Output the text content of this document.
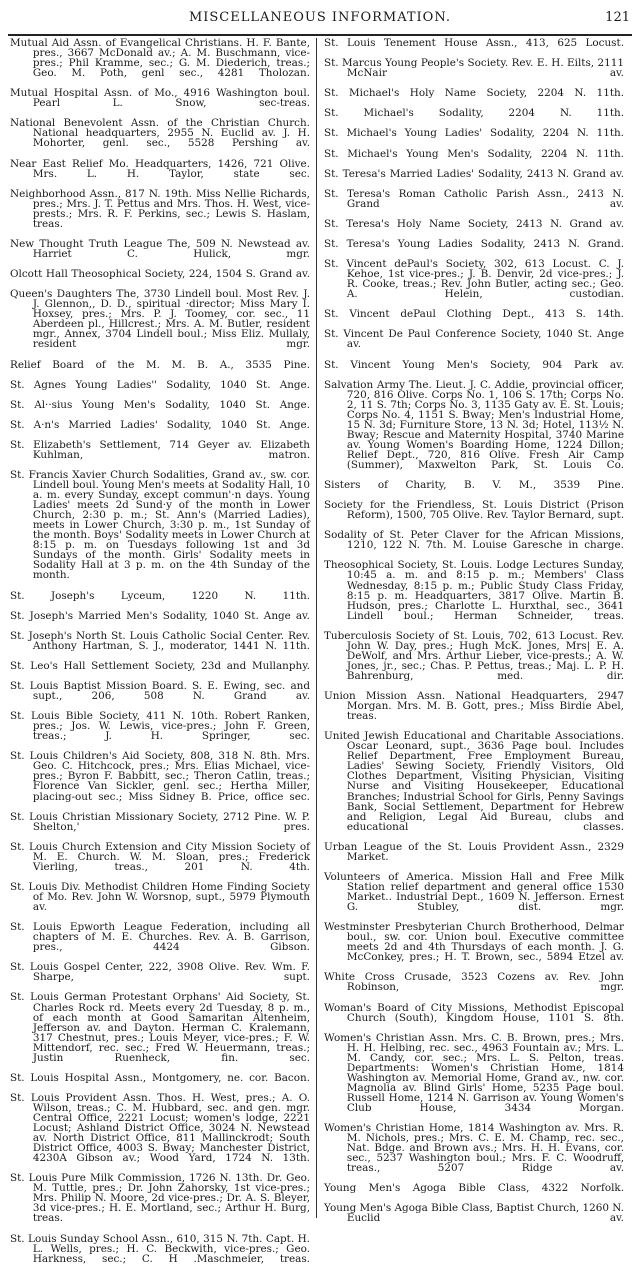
MISCELLANEOUS INFORMATION.	121

Mutual Aid Assn. of Evangelical Christians. H. F. Bante, pres., 3667 McDonald av.; A. M. Buschmann, vice-pres.; Phil Kramme, sec.; G. M. Diederich, treas.; Geo. M. Poth, genl sec., 4281 Tholozan.

Mutual Hospital Assn. of Mo., 4916 Washington boul. Pearl L. Snow, sec-treas.

National Benevolent Assn. of the Christian Church. National headquarters, 2955 N. Euclid av. J. H. Mohorter, genl. sec., 5528 Pershing av.

Near East Relief Mo. Headquarters, 1426, 721 Olive. Mrs. L. H. Taylor, state sec.

Neighborhood Assn., 817 N. 19th. Miss Nellie Richards, pres.; Mrs. J. T. Pettus and Mrs. Thos. H. West, vice-prests.; Mrs. R. F. Perkins, sec.; Lewis S. Haslam, treas.

New Thought Truth League The, 509 N. Newstead av. Harriet C. Hulick, mgr.

Olcott Hall Theosophical Society, 224, 1504 S. Grand av.

Queen's Daughters The, 3730 Lindell boul. Most Rev. J. J. Glennon,, D. D., spiritual ·director; Miss Mary I. Hoxsey, pres.; Mrs. P. J. Toomey, cor. sec., 11 Aberdeen pl., Hillcrest.; Mrs. A. M. Butler, resident mgr., Annex, 3704 Lindell boul.; Miss Eliz. Mullaly, resident mgr.

Relief Board of the M. M. B. A., 3535 Pine.

St. Agnes Young Ladies'' Sodality, 1040 St. Ange.

St. Al··sius Young Men's Sodality, 1040 St. Ange.

St. A·n's Married Ladies' Sodality, 1040 St. Ange.

St. Elizabeth's Settlement, 714 Geyer av. Elizabeth Kuhlman, matron.

St. Francis Xavier Church Sodalities, Grand av., sw. cor. Lindell boul. Young Men's meets at Sodality Hall, 10 a. m. every Sunday, except commun'·n days. Young Ladies' meets 2d Sund·y of the month in Lower Church, 2:30 p. m.; St. Ann's (Married Ladies), meets in Lower Church, 3:30 p. m., 1st Sunday of the month. Boys' Sodality meets in Lower Church at 8:15 p. m. on Tuesdays following 1st and 3d Sundays of the month. Girls' Sodality meets in Sodality Hall at 3 p. m. on the 4th Sunday of the month.

St. Joseph's Lyceum, 1220 N. 11th.

St. Joseph's Married Men's Sodality, 1040 St. Ange av.

St. Joseph's North St. Louis Catholic Social Center. Rev. Anthony Hartman, S. J., moderator, 1441 N. 11th.

St. Leo's Hall Settlement Society, 23d and Mullanphy.

St. Louis Baptist Mission Board. S. E. Ewing, sec. and supt., 206, 508 N. Grand av.

St. Louis Bible Society, 411 N. 10th. Robert Ranken, pres.; Jos. W. Lewis, vice-pres.; John F. Green, treas.; J. H. Springer, sec.

St. Louis Children's Aid Society, 808, 318 N. 8th. Mrs. Geo. C. Hitchcock, pres.; Mrs. Elias Michael, vice-pres.; Byron F. Babbitt, sec.; Theron Catlin, treas.; Florence Van Sickler, genl. sec.; Hertha Miller, placing-out sec.; Miss Sidney B. Price, office sec.

St. Louis Christian Missionary Society, 2712 Pine. W. P. Shelton,' pres.

St. Louis Church Extension and City Mission Society of M. E. Church. W. M. Sloan, pres.; Frederick Vierling, treas., 201 N. 4th.

St. Louis Div. Methodist Children Home Finding Society of Mo. Rev. John W. Worsnop, supt., 5979 Plymouth av.

St. Louis Epworth League Federation, including all chapters of M. E. Churches. Rev. A. B. Garrison, pres., 4424 Gibson.

St. Louis Gospel Center, 222, 3908 Olive. Rev. Wm. F. Sharpe, supt.

St. Louis German Protestant Orphans' Aid Society, St. Charles Rock rd. Meets every 2d Tuesday, 8 p. m., of each month at Good Samaritan Altenheim, Jefferson av. and Dayton. Herman C. Kralemann, 317 Chestnut, pres.; Louis Meyer, vice-pres.; F. W. Mittendorf, rec. sec.; Fred W. Heuermann, treas.; Justin Ruenheck, fin. sec.

St. Louis Hospital Assn., Montgomery, ne. cor. Bacon.

St. Louis Provident Assn. Thos. H. West, pres.; A. O. Wilson, treas.; C. M. Hubbard, sec. and gen. mgr. Central Office, 2221 Locust; women's lodge, 2221 Locust; Ashland District Office, 3024 N. Newstead av. North District Office, 811 Mallinckrodt; South District Office, 4003 S. Bway; Manchester District, 4230A Gibson av.; Wood Yard, 1724 N. 13th.

St. Louis Pure Milk Commission, 1726 N. 13th. Dr. Geo. M. Tuttle, pres.; Dr. John Zahorsky, 1st vice-pres.; Mrs. Philip N. Moore, 2d vice-pres.; Dr. A. S. Bleyer, 3d vice-pres.; H. E. Mortland, sec.; Arthur H. Burg, treas.

St. Louis Sunday School Assn., 610, 315 N. 7th. Capt. H. L. Wells, pres.; H. C. Beckwith, vice-pres.; Geo. Harkness, sec.; C. H .Maschmeier, treas.

St. Louis Tenement House Assn., 413, 625 Locust.

St. Marcus Young People's Society. Rev. E. H. Eilts, 2111 McNair av.

St. Michael's Holy Name Society, 2204 N. 11th.

St. Michael's Sodality, 2204 N. 11th.

St. Michael's Young Ladies' Sodality, 2204 N. 11th.

St. Michael's Young Men's Sodality, 2204 N. 11th.

St. Teresa's Married Ladies' Sodality, 2413 N. Grand av.

St. Teresa's Roman Catholic Parish Assn., 2413 N. Grand av.

St. Teresa's Holy Name Society, 2413 N. Grand av.

St. Teresa's Young Ladies Sodality, 2413 N. Grand.

St. Vincent dePaul's Society, 302, 613 Locust. C. J. Kehoe, 1st vice-pres.; J. B. Denvir, 2d vice-pres.; J. R. Cooke, treas.; Rev. John Butler, acting sec.; Geo. A. Helein, custodian.

St. Vincent dePaul Clothing Dept., 413 S. 14th.

St. Vincent De Paul Conference Society, 1040 St. Ange av.

St. Vincent Young Men's Society, 904 Park av.

Salvation Army The. Lieut. J. C. Addie, provincial officer, 720, 816 Olive. Corps No. 1, 106 S. 17th; Corps No. 2, 11 S. 7th; Corps No. 3, 1135 Gaty av. E. St. Louis; Corps No. 4, 1151 S. Bway; Men's Industrial Home, 15 N. 3d; Furniture Store, 13 N. 3d; Hotel, 113½ N. Bway; Rescue and Maternity Hospital, 3740 Marine av. Young Women's Boarding Home, 1224 Dillon; Relief Dept., 720, 816 Olive. Fresh Air Camp (Summer), Maxwelton Park, St. Louis Co.

Sisters of Charity, B. V. M., 3539 Pine.

Society for the Friendless, St. Louis District (Prison Reform), 1500, 705 Olive. Rev. Taylor Bernard, supt.

Sodality of St. Peter Claver for the African Missions, 1210, 122 N. 7th. M. Louise Garesche in charge.

Theosophical Society, St. Louis. Lodge Lectures Sunday, 10:45 a. m. and 8:15 p. m.; Members' Class Wednesday, 8:15 p. m.; Public Study Class Friday, 8:15 p. m. Headquarters, 3817 Olive. Martin B. Hudson, pres.; Charlotte L. Hurxthal, sec., 3641 Lindell boul.; Herman Schneider, treas.

Tuberculosis Society of St. Louis, 702, 613 Locust. Rev. John W. Day, pres.; Hugh McK. Jones, Mrs| E. A. DeWolf, and Mrs. Arthur Lieber, vice-prests.; A. W. Jones, jr., sec.; Chas. P. Pettus, treas.; Maj. L. P. H. Bahrenburg, med. dir.

Union Mission Assn. National Headquarters, 2947 Morgan. Mrs. M. B. Gott, pres.; Miss Birdie Abel, treas.

United Jewish Educational and Charitable Associations. Oscar Leonard, supt., 3636 Page boul. Includes Relief Department, Free Employment Bureau, Ladies' Sewing Society, Friendly Visitors, Old Clothes Department, Visiting Physician, Visiting Nurse and Visiting Housekeeper, Educational Branches; Industrial School for Girls, Penny Savings Bank, Social Settlement, Department for Hebrew and Religion, Legal Aid Bureau, clubs and educational classes.

Urban League of the St. Louis Provident Assn., 2329 Market.

Volunteers of America. Mission Hall and Free Milk Station relief department and general office 1530 Market.. Industrial Dept., 1609 N. Jefferson. Ernest G. Stubley, dist. mgr.

Westminster Presbyterian Church Brotherhood, Delmar boul., sw. cor. Union boul. Executive committee meets 2d and 4th Thursdays of each month. J. G. McConkey, pres.; H. T. Brown, sec., 5894 Etzel av.

White Cross Crusade, 3523 Cozens av. Rev. John Robinson, mgr.

Woman's Board of City Missions, Methodist Episcopal Church (South), Kingdom House, 1101 S. 8th.

Women's Christian Assn. Mrs. C. B. Brown, pres.; Mrs. H. H. Helbing, rec. sec., 4963 Fountain av.; Mrs. L. M. Candy, cor. sec.; Mrs. L. S. Pelton, treas. Departments: Women's Christian Home, 1814 Washington av. Memorial Home, Grand av., nw. cor. Magnolia av. Blind Girls' Home, 5235 Page boul. Russell Home, 1214 N. Garrison av. Young Women's Club House, 3434 Morgan.

Women's Christian Home, 1814 Washington av. Mrs. R. M. Nichols, pres.; Mrs. C. E. M. Champ, rec. sec., Nat. Bdge. and Brown avs.; Mrs. H. H. Evans, cor. sec., 5237 Washington boul.; Mrs. F. C. Woodruff, treas., 5207 Ridge av.

Young Men's Agoga Bible Class, 4322 Norfolk.

Young Men's Agoga Bible Class, Baptist Church, 1260 N. Euclid av.
